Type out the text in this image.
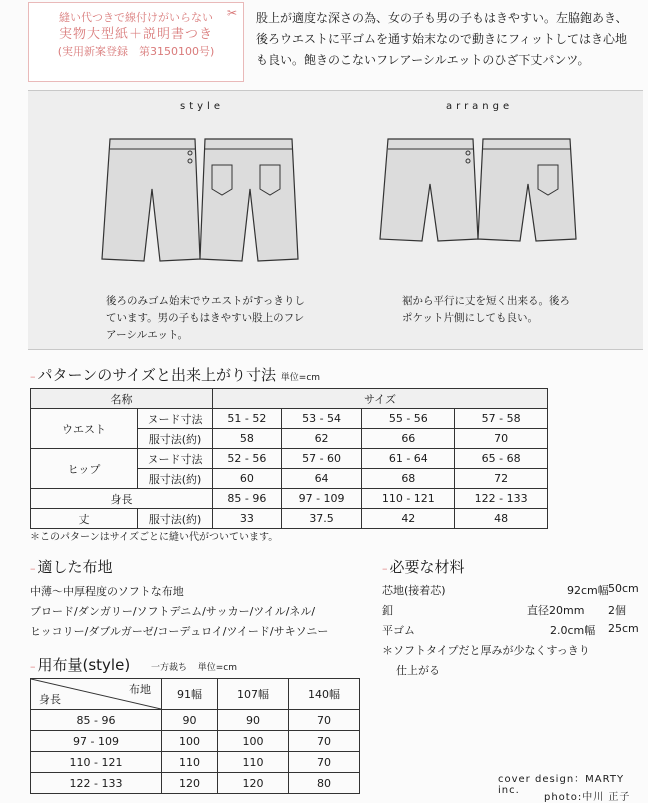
✂
縫い代つきで線付けがいらない
実物大型紙＋説明書つき
(実用新案登録　第3150100号)
股上が適度な深さの為、女の子も男の子もはきやすい。左脇鉋あき、後ろウエストに平ゴムを通す始末なので動きにフィットしてはき心地も良い。飽きのこないフレアーシルエットのひざ下丈パンツ。
style	arrange
後ろのみゴム始末でウエストがすっきりしています。男の子もはきやすい股上のフレアーシルエット。
裾から平行に丈を短く出来る。後ろポケット片側にしても良い。
– パターンのサイズと出来上がり寸法 単位=cm
名称		サイズ			
ウエスト	ヌード寸法	51 - 52	53 - 54	55 - 56	57 - 58
	服寸法(約)	58	62	66	70
ヒップ	ヌード寸法	52 - 56	57 - 60	61 - 64	65 - 68
	服寸法(約)	60	64	68	72
身長		85 - 96	97 - 109	110 - 121	122 - 133
丈	服寸法(約)	33	37.5	42	48
＊このパターンはサイズごとに縫い代がついています。
– 適した布地
中薄～中厚程度のソフトな布地
ブロード/ダンガリー/ソフトデニム/サッカー/ツイル/ネル/
ヒッコリー/ダブルガーゼ/コーデュロイ/ツイード/サキソニー
– 必要な材料
芯地(接着芯)	92cm幅 50cm
釦	直径20mm 2個
平ゴム	2.0cm幅 25cm
＊ソフトタイプだと厚みが少なくすっきり
仕上がる
– 用布量(style) 一方裁ち 単位=cm
布地
身長	91幅	107幅	140幅
85 - 96	90	90	70
97 - 109	100	100	70
110 - 121	110	110	70
122 - 133	120	120	80	cover design：MARTY inc.
photo:中川 正子
